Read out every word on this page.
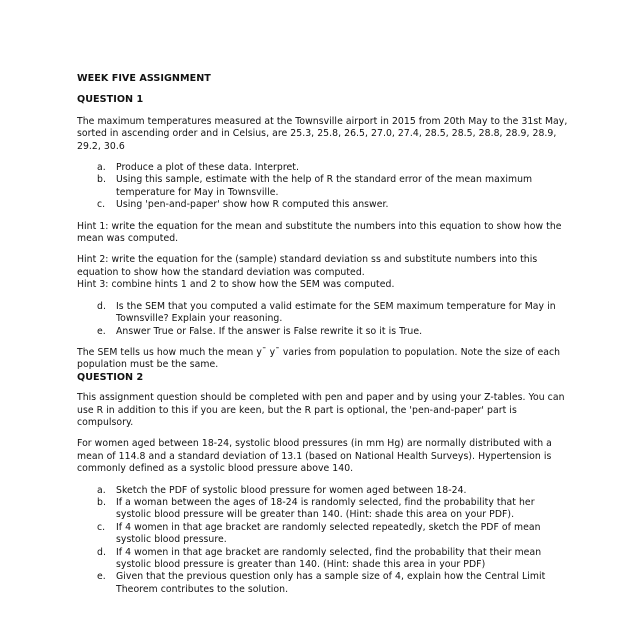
WEEK FIVE ASSIGNMENT
QUESTION 1

The maximum temperatures measured at the Townsville airport in 2015 from 20th May to the 31st May, sorted in ascending order and in Celsius, are 25.3, 25.8, 26.5, 27.0, 27.4, 28.5, 28.5, 28.8, 28.9, 28.9, 29.2, 30.6

a. Produce a plot of these data. Interpret.
b. Using this sample, estimate with the help of R the standard error of the mean maximum temperature for May in Townsville.
c. Using 'pen-and-paper' show how R computed this answer.

Hint 1: write the equation for the mean and substitute the numbers into this equation to show how the mean was computed.

Hint 2: write the equation for the (sample) standard deviation ss and substitute numbers into this equation to show how the standard deviation was computed.

Hint 3: combine hints 1 and 2 to show how the SEM was computed.

d. Is the SEM that you computed a valid estimate for the SEM maximum temperature for May in Townsville? Explain your reasoning.
e. Answer True or False. If the answer is False rewrite it so it is True.

The SEM tells us how much the mean y¯ y¯ varies from population to population. Note the size of each population must be the same.

QUESTION 2

This assignment question should be completed with pen and paper and by using your Z-tables. You can use R in addition to this if you are keen, but the R part is optional, the 'pen-and-paper' part is compulsory.

For women aged between 18-24, systolic blood pressures (in mm Hg) are normally distributed with a mean of 114.8 and a standard deviation of 13.1 (based on National Health Surveys). Hypertension is commonly defined as a systolic blood pressure above 140.

a. Sketch the PDF of systolic blood pressure for women aged between 18-24.
b. If a woman between the ages of 18-24 is randomly selected, find the probability that her systolic blood pressure will be greater than 140. (Hint: shade this area on your PDF).
c. If 4 women in that age bracket are randomly selected repeatedly, sketch the PDF of mean systolic blood pressure.
d. If 4 women in that age bracket are randomly selected, find the probability that their mean systolic blood pressure is greater than 140. (Hint: shade this area in your PDF)
e. Given that the previous question only has a sample size of 4, explain how the Central Limit Theorem contributes to the solution.
